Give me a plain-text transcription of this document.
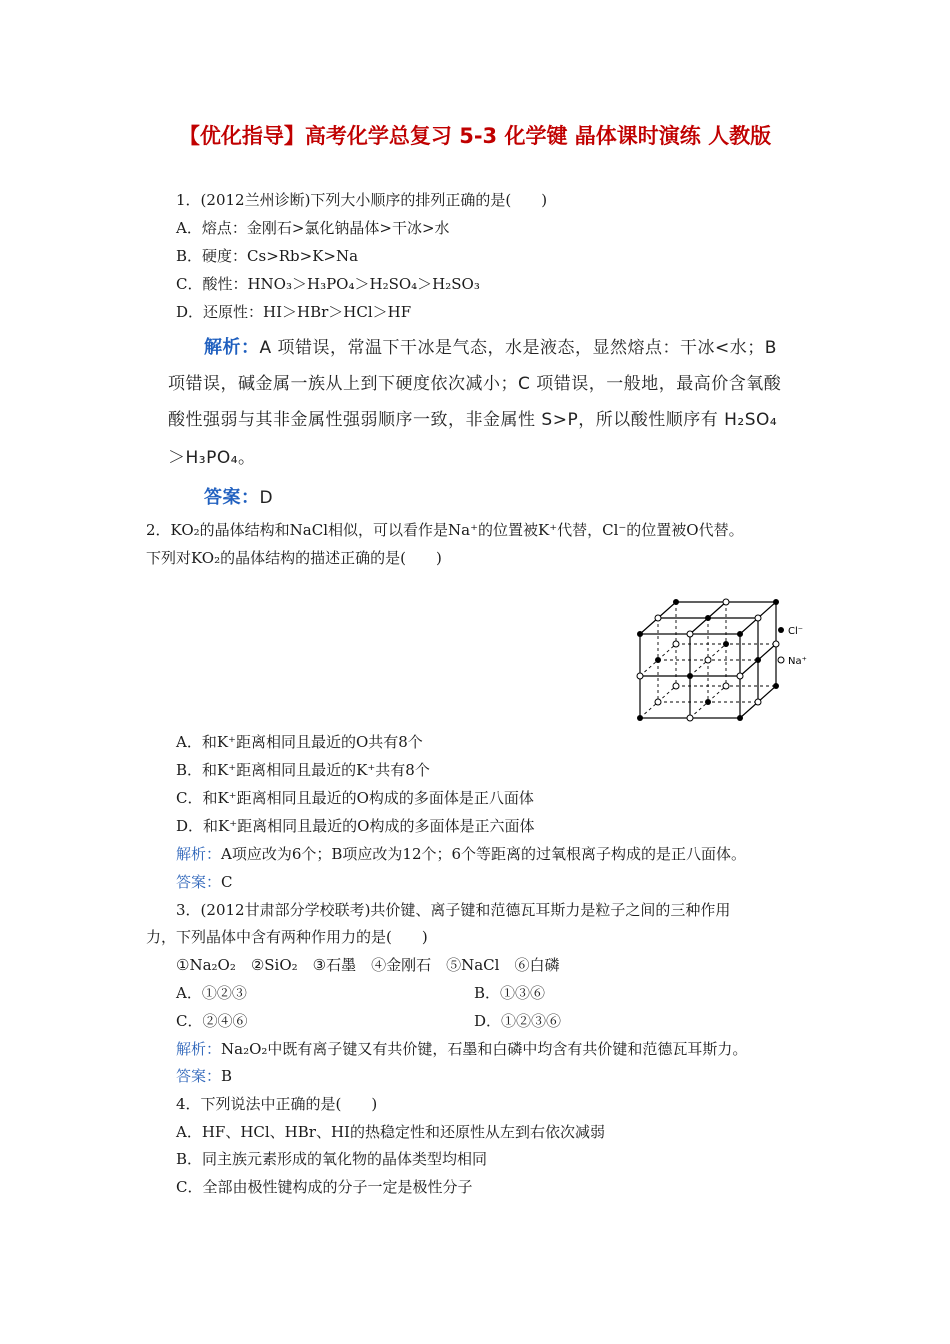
【优化指导】高考化学总复习 5-3 化学键 晶体课时演练 人教版
1．(2012兰州诊断)下列大小顺序的排列正确的是(　　)
A．熔点：金刚石>氯化钠晶体>干冰>水
B．硬度：Cs>Rb>K>Na
C．酸性：HNO₃＞H₃PO₄＞H₂SO₄＞H₂SO₃
D．还原性：HI＞HBr＞HCl＞HF
解析：A 项错误，常温下干冰是气态，水是液态，显然熔点：干冰<水；B
项错误，碱金属一族从上到下硬度依次减小；C 项错误，一般地，最高价含氧酸
酸性强弱与其非金属性强弱顺序一致，非金属性 S>P，所以酸性顺序有 H₂SO₄
＞H₃PO₄。
答案：D
2．KO₂的晶体结构和NaCl相似，可以看作是Na⁺的位置被K⁺代替，Cl⁻的位置被O代替。
下列对KO₂的晶体结构的描述正确的是(　　)
Cl⁻
Na⁺
A．和K⁺距离相同且最近的O共有8个
B．和K⁺距离相同且最近的K⁺共有8个
C．和K⁺距离相同且最近的O构成的多面体是正八面体
D．和K⁺距离相同且最近的O构成的多面体是正六面体
解析：A项应改为6个；B项应改为12个；6个等距离的过氧根离子构成的是正八面体。
答案：C
3．(2012甘肃部分学校联考)共价键、离子键和范德瓦耳斯力是粒子之间的三种作用
力，下列晶体中含有两种作用力的是(　　)
①Na₂O₂　②SiO₂　③石墨　④金刚石　⑤NaCl　⑥白磷
A．①②③	B．①③⑥
C．②④⑥	D．①②③⑥
解析：Na₂O₂中既有离子键又有共价键，石墨和白磷中均含有共价键和范德瓦耳斯力。
答案：B
4．下列说法中正确的是(　　)
A．HF、HCl、HBr、HI的热稳定性和还原性从左到右依次减弱
B．同主族元素形成的氧化物的晶体类型均相同
C．全部由极性键构成的分子一定是极性分子
